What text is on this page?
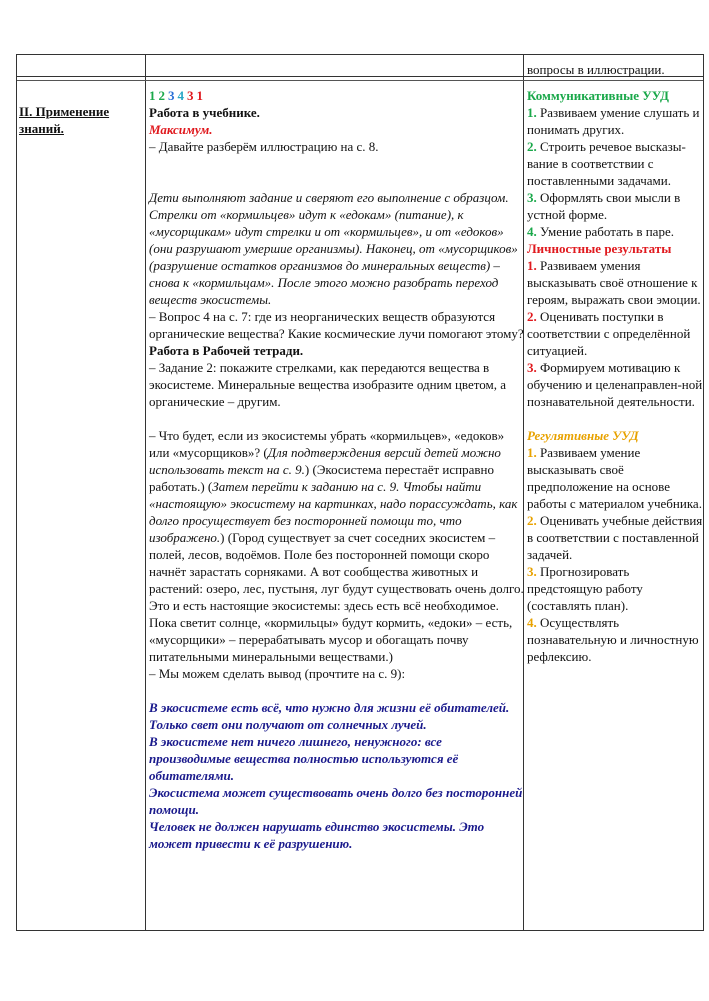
вопросы в иллюстрации.
II. Применение знаний.

1 2 3 4 3 1

Работа в учебнике.

Максимум.

– Давайте разберём иллюстрацию на с. 8.

Дети выполняют задание и сверяют его выполнение с образцом. Стрелки от «кормильцев» идут к «едокам» (питание), к «мусорщикам» идут стрелки и от «кормильцев», и от «едоков» (они разрушают умершие организмы). Наконец, от «мусорщиков» (разрушение остатков организмов до минеральных веществ) – снова к «кормильцам». После этого можно разобрать переход веществ экосистемы.

– Вопрос 4 на с. 7: где из неорганических веществ образуются органические вещества? Какие космические лучи помогают этому?

Работа в Рабочей тетради.

– Задание 2: покажите стрелками, как передаются вещества в экосистеме. Минеральные вещества изобразите одним цветом, а органические – другим.

– Что будет, если из экосистемы убрать «кормильцев», «едоков» или «мусорщиков»? (Для подтверждения версий детей можно использовать текст на с. 9.) (Экосистема перестаёт исправно работать.) (Затем перейти к заданию на с. 9. Чтобы найти «настоящую» экосистему на картинках, надо порассуждать, как долго просуществует без посторонней помощи то, что изображено.) (Город существует за счет соседних экосистем – полей, лесов, водоёмов. Поле без посторонней помощи скоро начнёт зарастать сорняками. А вот сообщества животных и растений: озеро, лес, пустыня, луг будут существовать очень долго. Это и есть настоящие экосистемы: здесь есть всё необходимое. Пока светит солнце, «кормильцы» будут кормить, «едоки» – есть, «мусорщики» – перерабатывать мусор и обогащать почву питательными минеральными веществами.)

– Мы можем сделать вывод (прочтите на с. 9):

В экосистеме есть всё, что нужно для жизни её обитателей. Только свет они получают от солнечных лучей.

В экосистеме нет ничего лишнего, ненужного: все производимые вещества полностью используются её обитателями.

Экосистема может существовать очень долго без посторонней помощи.

Человек не должен нарушать единство экосистемы. Это может привести к её разрушению.

Коммуникативные УУД

1. Развиваем умение слушать и понимать других.

2. Строить речевое высказы-вание в соответствии с поставленными задачами.

3. Оформлять свои мысли в устной форме.

4. Умение работать в паре.

Личностные результаты

1. Развиваем умения высказывать своё отношение к героям, выражать свои эмоции.

2. Оценивать поступки в соответствии с определённой ситуацией.

3. Формируем мотивацию к обучению и целенаправлен-ной познавательной деятельности.

Регулятивные УУД

1. Развиваем умение высказывать своё предположение на основе работы с материалом учебника.

2. Оценивать учебные действия в соответствии с поставленной задачей.

3. Прогнозировать предстоящую работу (составлять план).

4. Осуществлять познавательную и личностную рефлексию.
